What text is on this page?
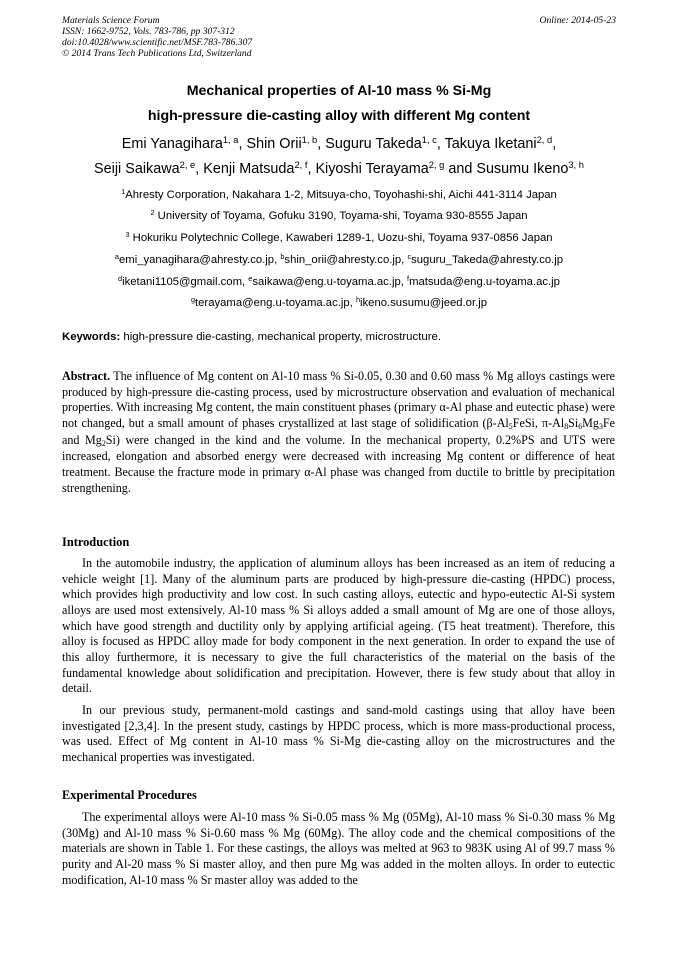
Materials Science Forum
ISSN: 1662-9752, Vols. 783-786, pp 307-312
doi:10.4028/www.scientific.net/MSF.783-786.307
© 2014 Trans Tech Publications Ltd, Switzerland
Online: 2014-05-23
Mechanical properties of Al-10 mass % Si-Mg
high-pressure die-casting alloy with different Mg content
Emi Yanagihara$^{1, a}$, Shin Orii$^{1, b}$, Suguru Takeda$^{1, c}$, Takuya Iketani$^{2, d}$,
Seiji Saikawa$^{2, e}$, Kenji Matsuda$^{2, f}$, Kiyoshi Terayama$^{2, g}$ and Susumu Ikeno$^{3, h}$
$^1$Ahresty Corporation, Nakahara 1-2, Mitsuya-cho, Toyohashi-shi, Aichi 441-3114 Japan
$^2$ University of Toyama, Gofuku 3190, Toyama-shi, Toyama 930-8555 Japan
$^3$ Hokuriku Polytechnic College, Kawaberi 1289-1, Uozu-shi, Toyama 937-0856 Japan
$^a$emi_yanagihara@ahresty.co.jp, $^b$shin_orii@ahresty.co.jp, $^c$suguru_Takeda@ahresty.co.jp
$^d$iketani1105@gmail.com, $^e$saikawa@eng.u-toyama.ac.jp, $^f$matsuda@eng.u-toyama.ac.jp
$^g$terayama@eng.u-toyama.ac.jp, $^h$ikeno.susumu@jeed.or.jp
Keywords: high-pressure die-casting, mechanical property, microstructure.
Abstract. The influence of Mg content on Al-10 mass % Si-0.05, 0.30 and 0.60 mass % Mg alloys castings were produced by high-pressure die-casting process, used by microstructure observation and evaluation of mechanical properties. With increasing Mg content, the main constituent phases (primary α-Al phase and eutectic phase) were not changed, but a small amount of phases crystallized at last stage of solidification ($\beta-Al_5FeSi$, $\pi-Al_8Si_6Mg_3Fe$ and $Mg_2Si$) were changed in the kind and the volume. In the mechanical property, 0.2%PS and UTS were increased, elongation and absorbed energy were decreased with increasing Mg content or difference of heat treatment. Because the fracture mode in primary α-Al phase was changed from ductile to brittle by precipitation strengthening.
Introduction
In the automobile industry, the application of aluminum alloys has been increased as an item of reducing a vehicle weight [1]. Many of the aluminum parts are produced by high-pressure die-casting (HPDC) process, which provides high productivity and low cost. In such casting alloys, eutectic and hypo-eutectic Al-Si system alloys are used most extensively. Al-10 mass % Si alloys added a small amount of Mg are one of those alloys, which have good strength and ductility only by applying artificial ageing. (T5 heat treatment). Therefore, this alloy is focused as HPDC alloy made for body component in the next generation. In order to expand the use of this alloy furthermore, it is necessary to give the full characteristics of the material on the basis of the fundamental knowledge about solidification and precipitation. However, there is few study about that alloy in detail.
In our previous study, permanent-mold castings and sand-mold castings using that alloy have been investigated [2,3,4]. In the present study, castings by HPDC process, which is more mass-productional process, was used. Effect of Mg content in Al-10 mass % Si-Mg die-casting alloy on the microstructures and the mechanical properties was investigated.
Experimental Procedures
The experimental alloys were Al-10 mass % Si-0.05 mass % Mg (05Mg), Al-10 mass % Si-0.30 mass % Mg (30Mg) and Al-10 mass % Si-0.60 mass % Mg (60Mg). The alloy code and the chemical compositions of the materials are shown in Table 1. For these castings, the alloys was melted at 963 to 983K using Al of 99.7 mass % purity and Al-20 mass % Si master alloy, and then pure Mg was added in the molten alloys. In order to eutectic modification, Al-10 mass % Sr master alloy was added to the
